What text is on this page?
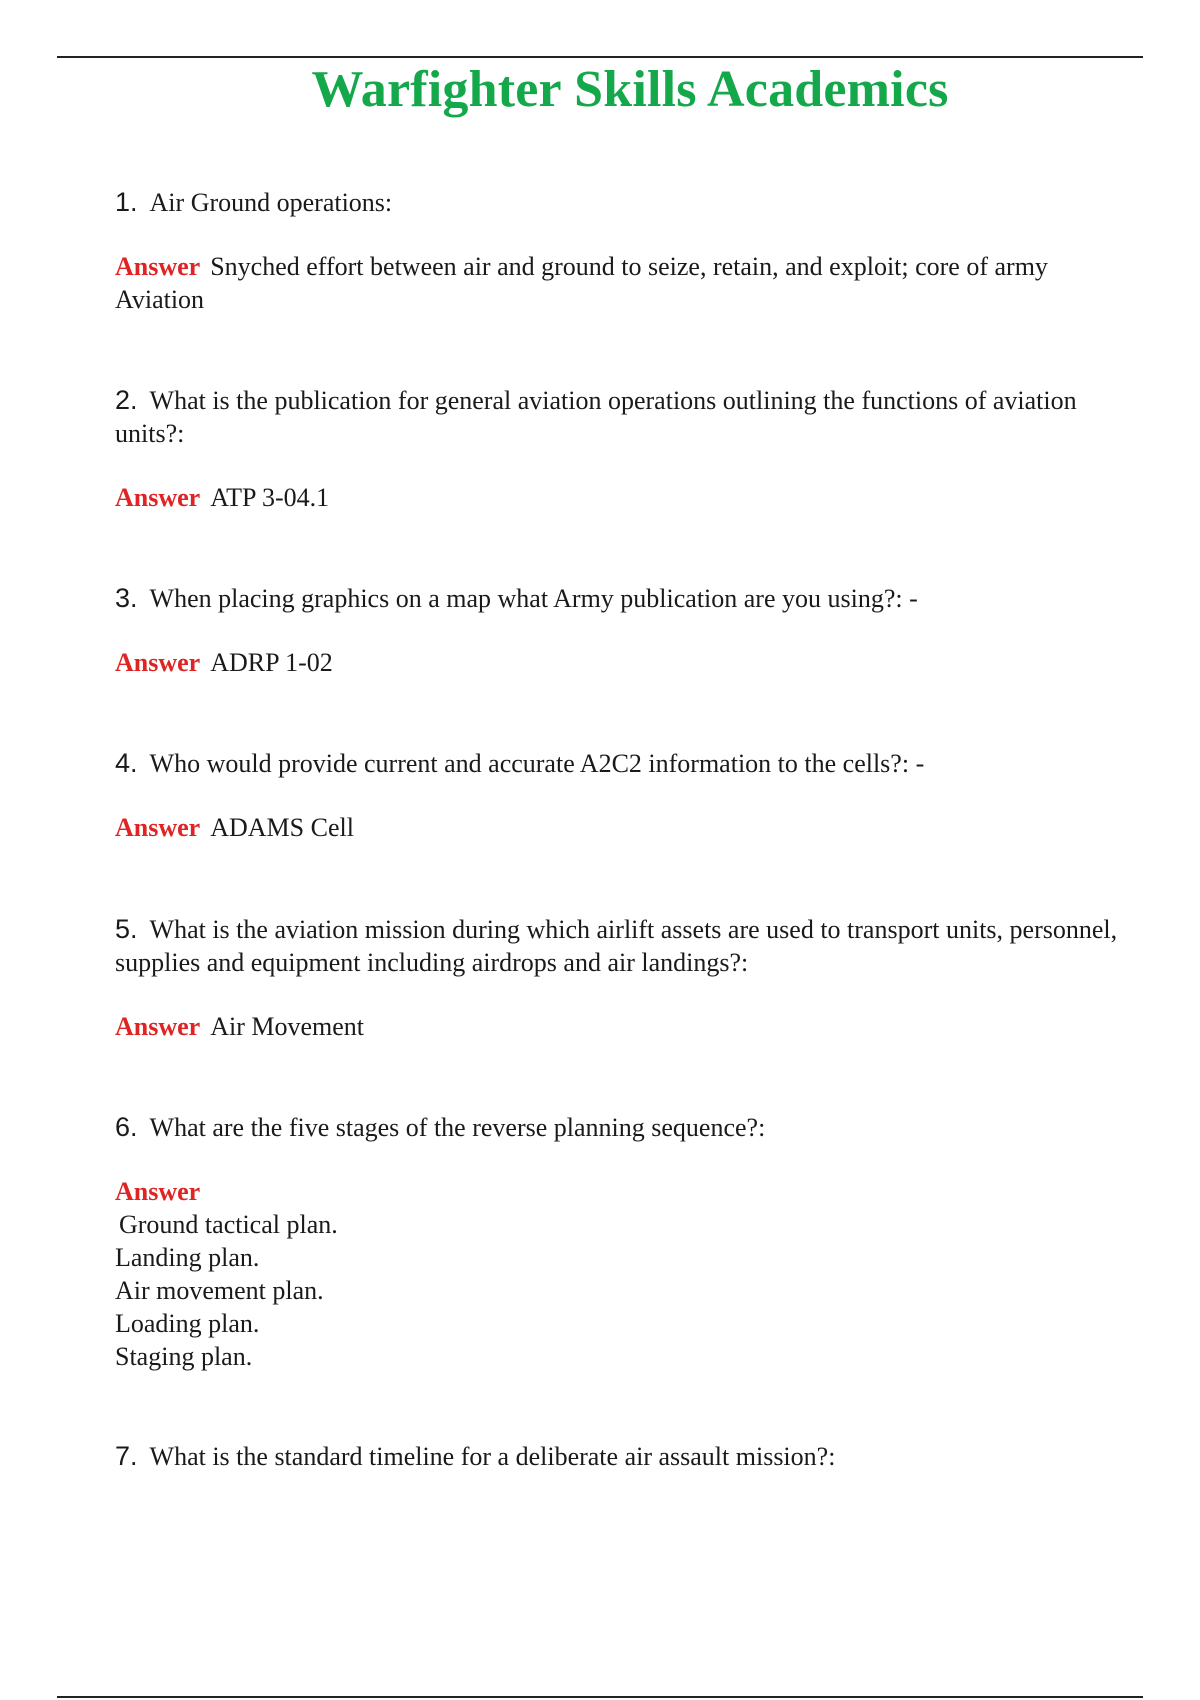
Warfighter Skills Academics

1. Air Ground operations:

Answer Snyched effort between air and ground to seize, retain, and exploit; core of army Aviation

2. What is the publication for general aviation operations outlining the functions of aviation units?:

Answer ATP 3-04.1

3. When placing graphics on a map what Army publication are you using?: -

Answer ADRP 1-02

4. Who would provide current and accurate A2C2 information to the cells?: -

Answer ADAMS Cell

5. What is the aviation mission during which airlift assets are used to transport units, personnel, supplies and equipment including airdrops and air landings?:

Answer Air Movement

6. What are the five stages of the reverse planning sequence?:

Answer

Ground tactical plan.
Landing plan.
Air movement plan.
Loading plan.
Staging plan.

7. What is the standard timeline for a deliberate air assault mission?:
